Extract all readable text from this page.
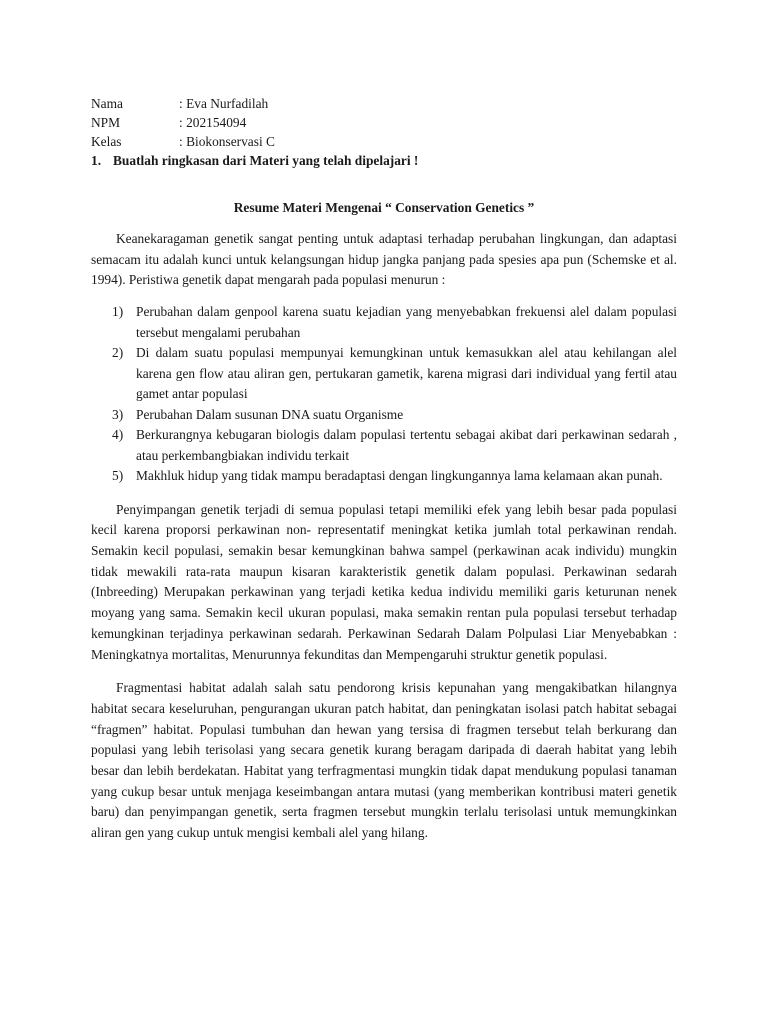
Nama	: Eva Nurfadilah
NPM	: 202154094
Kelas	: Biokonservasi C
1. Buatlah ringkasan dari Materi yang telah dipelajari !
Resume Materi Mengenai “ Conservation Genetics ”

Keanekaragaman genetik sangat penting untuk adaptasi terhadap perubahan lingkungan, dan adaptasi semacam itu adalah kunci untuk kelangsungan hidup jangka panjang pada spesies apa pun (Schemske et al. 1994). Peristiwa genetik dapat mengarah pada populasi menurun :

1) Perubahan dalam genpool karena suatu kejadian yang menyebabkan frekuensi alel dalam populasi tersebut mengalami perubahan
2) Di dalam suatu populasi mempunyai kemungkinan untuk kemasukkan alel atau kehilangan alel karena gen flow atau aliran gen, pertukaran gametik, karena migrasi dari individual yang fertil atau gamet antar populasi
3) Perubahan Dalam susunan DNA suatu Organisme
4) Berkurangnya kebugaran biologis dalam populasi tertentu sebagai akibat dari perkawinan sedarah , atau perkembangbiakan individu terkait
5) Makhluk hidup yang tidak mampu beradaptasi dengan lingkungannya lama kelamaan akan punah.

Penyimpangan genetik terjadi di semua populasi tetapi memiliki efek yang lebih besar pada populasi kecil karena proporsi perkawinan non- representatif meningkat ketika jumlah total perkawinan rendah. Semakin kecil populasi, semakin besar kemungkinan bahwa sampel (perkawinan acak individu) mungkin tidak mewakili rata-rata maupun kisaran karakteristik genetik dalam populasi. Perkawinan sedarah (Inbreeding) Merupakan perkawinan yang terjadi ketika kedua individu memiliki garis keturunan nenek moyang yang sama. Semakin kecil ukuran populasi, maka semakin rentan pula populasi tersebut terhadap kemungkinan terjadinya perkawinan sedarah. Perkawinan Sedarah Dalam Polpulasi Liar Menyebabkan : Meningkatnya mortalitas, Menurunnya fekunditas dan Mempengaruhi struktur genetik populasi.

Fragmentasi habitat adalah salah satu pendorong krisis kepunahan yang mengakibatkan hilangnya habitat secara keseluruhan, pengurangan ukuran patch habitat, dan peningkatan isolasi patch habitat sebagai “fragmen” habitat. Populasi tumbuhan dan hewan yang tersisa di fragmen tersebut telah berkurang dan populasi yang lebih terisolasi yang secara genetik kurang beragam daripada di daerah habitat yang lebih besar dan lebih berdekatan. Habitat yang terfragmentasi mungkin tidak dapat mendukung populasi tanaman yang cukup besar untuk menjaga keseimbangan antara mutasi (yang memberikan kontribusi materi genetik baru) dan penyimpangan genetik, serta fragmen tersebut mungkin terlalu terisolasi untuk memungkinkan aliran gen yang cukup untuk mengisi kembali alel yang hilang.
